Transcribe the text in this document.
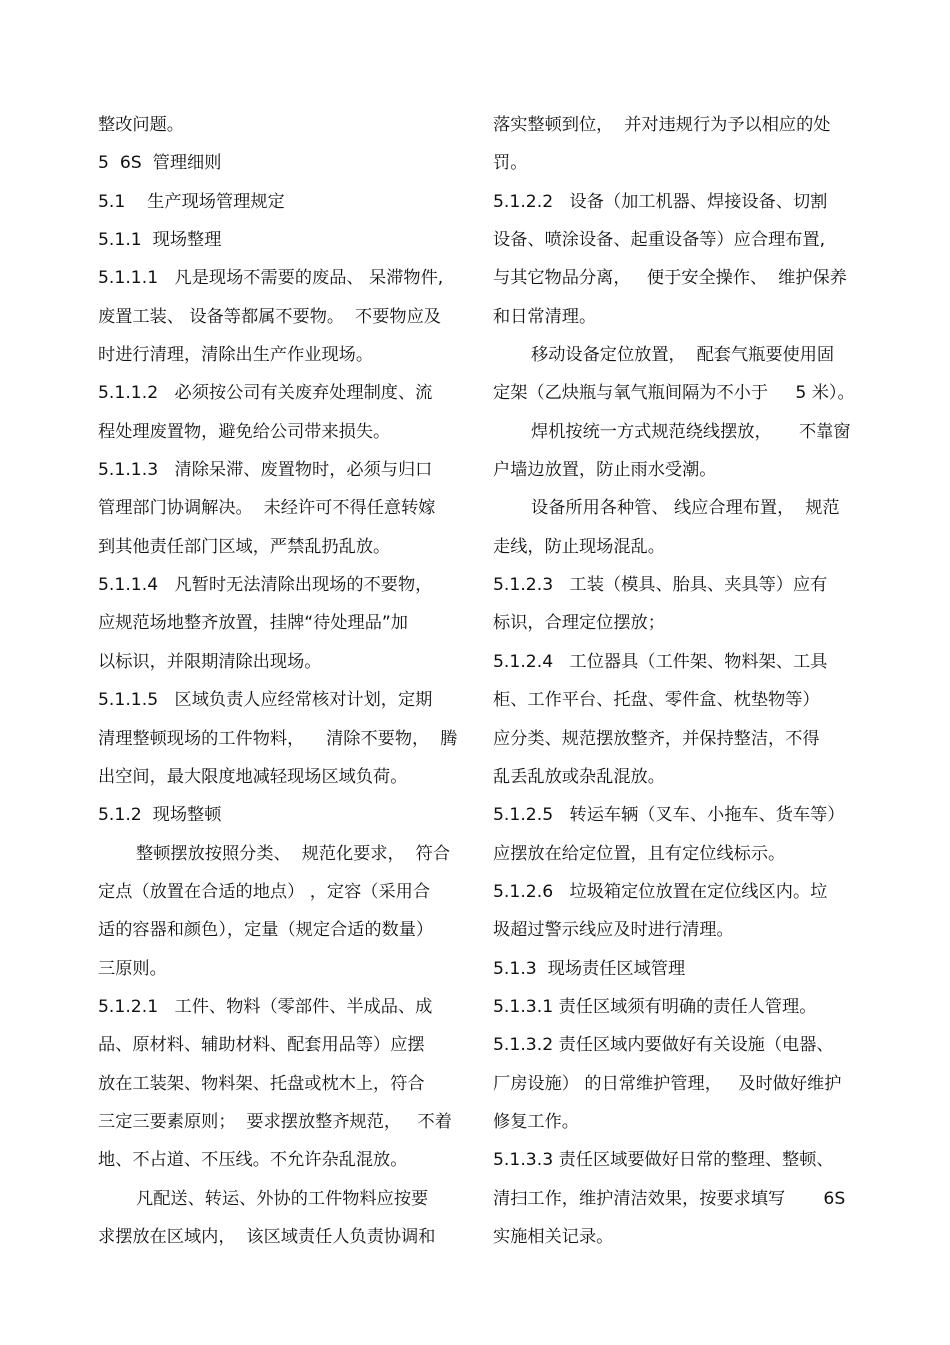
整改问题。
5  6S  管理细则
5.1    生产现场管理规定
5.1.1  现场整理
5.1.1.1   凡是现场不需要的废品、 呆滞物件,
废置工装、 设备等都属不要物。  不要物应及
时进行清理，清除出生产作业现场。
5.1.1.2   必须按公司有关废弃处理制度、流
程处理废置物，避免给公司带来损失。
5.1.1.3   清除呆滞、废置物时，必须与归口
管理部门协调解决。  未经许可不得任意转嫁
到其他责任部门区域，严禁乱扔乱放。
5.1.1.4   凡暂时无法清除出现场的不要物，
应规范场地整齐放置，挂牌“待处理品”加
以标识，并限期清除出现场。
5.1.1.5   区域负责人应经常核对计划，定期
清理整顿现场的工件物料，    清除不要物，  腾
出空间，最大限度地减轻现场区域负荷。
5.1.2  现场整顿
整顿摆放按照分类、  规范化要求，  符合
定点（放置在合适的地点） ，定容（采用合
适的容器和颜色），定量（规定合适的数量）
三原则。
5.1.2.1   工件、物料（零部件、半成品、成
品、原材料、辅助材料、配套用品等）应摆
放在工装架、物料架、托盘或枕木上，符合
三定三要素原则；  要求摆放整齐规范，   不着
地、不占道、不压线。不允许杂乱混放。
凡配送、转运、外协的工件物料应按要
求摆放在区域内，  该区域责任人负责协调和
落实整顿到位，  并对违规行为予以相应的处
罚。
5.1.2.2   设备（加工机器、焊接设备、切割
设备、喷涂设备、起重设备等）应合理布置,
与其它物品分离，   便于安全操作、  维护保养
和日常清理。
移动设备定位放置，  配套气瓶要使用固
定架（乙炔瓶与氧气瓶间隔为不小于     5 米）。
焊机按统一方式规范绕线摆放，     不靠窗
户墙边放置，防止雨水受潮。
设备所用各种管、 线应合理布置，  规范
走线，防止现场混乱。
5.1.2.3   工装（模具、胎具、夹具等）应有
标识，合理定位摆放；
5.1.2.4   工位器具（工件架、物料架、工具
柜、工作平台、托盘、零件盒、枕垫物等）
应分类、规范摆放整齐，并保持整洁，不得
乱丢乱放或杂乱混放。
5.1.2.5   转运车辆（叉车、小拖车、货车等）
应摆放在给定位置，且有定位线标示。
5.1.2.6   垃圾箱定位放置在定位线区内。垃
圾超过警示线应及时进行清理。
5.1.3  现场责任区域管理
5.1.3.1 责任区域须有明确的责任人管理。
5.1.3.2 责任区域内要做好有关设施（电器、
厂房设施） 的日常维护管理，   及时做好维护
修复工作。
5.1.3.3 责任区域要做好日常的整理、整顿、
清扫工作，维护清洁效果，按要求填写       6S
实施相关记录。
